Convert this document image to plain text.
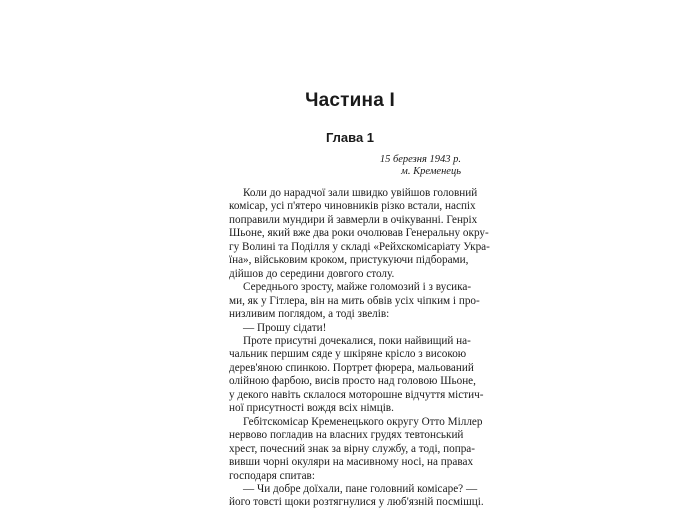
Частина I
Глава 1
15 березня 1943 р.
м. Кременець
Коли до нарадчої зали швидко увійшов головний
комісар, усі п'ятеро чиновників різко встали, наспіх
поправили мундири й завмерли в очікуванні. Генріх
Шьоне, який вже два роки очолював Генеральну окру-
гу Волині та Поділля у складі «Рейхскомісаріату Укра-
їна», військовим кроком, пристукуючи підборами,
дійшов до середини довгого столу.
Середнього зросту, майже голомозий і з вусика-
ми, як у Гітлера, він на мить обвів усіх чіпким і про-
низливим поглядом, а тоді звелів:
— Прошу сідати!
Проте присутні дочекалися, поки найвищий на-
чальник першим сяде у шкіряне крісло з високою
дерев'яною спинкою. Портрет фюрера, мальований
олійною фарбою, висів просто над головою Шьоне,
у декого навіть склалося моторошне відчуття містич-
ної присутності вождя всіх німців.
Гебітскомісар Кременецького округу Отто Міллер
нервово погладив на власних грудях тевтонський
хрест, почесний знак за вірну службу, а тоді, попра-
вивши чорні окуляри на масивному носі, на правах
господаря спитав:
— Чи добре доїхали, пане головний комісаре? —
його товсті щоки розтягнулися у люб'язній посмішці.
